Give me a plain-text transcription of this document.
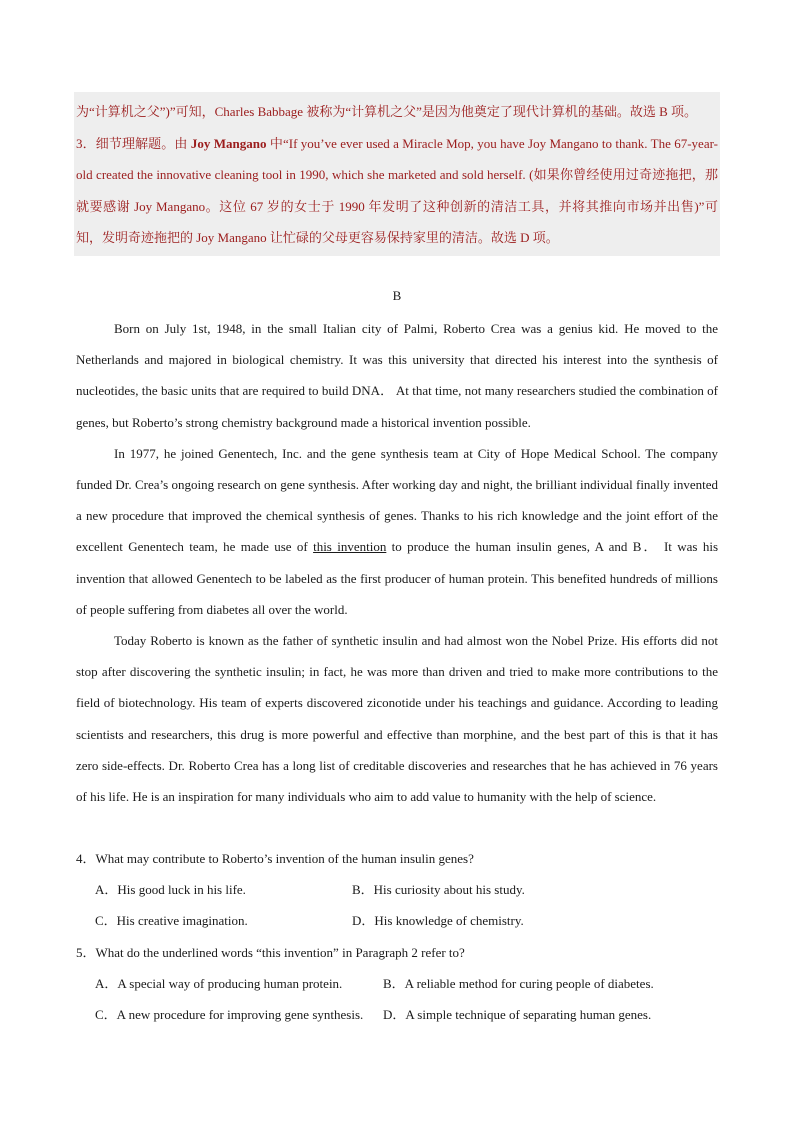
为“计算机之父”)”可知，Charles Babbage 被称为“计算机之父”是因为他奠定了现代计算机的基础。故选 B 项。

3．细节理解题。由 Joy Mangano 中“If you’ve ever used a Miracle Mop, you have Joy Mangano to thank. The 67-year-old created the innovative cleaning tool in 1990, which she marketed and sold herself. (如果你曾经使用过奇迹拖把，那就要感谢 Joy Mangano。这位 67 岁的女士于 1990 年发明了这种创新的清洁工具，并将其推向市场并出售)”可知，发明奇迹拖把的 Joy Mangano 让忙碌的父母更容易保持家里的清洁。故选 D 项。

B

Born on July 1st, 1948, in the small Italian city of Palmi, Roberto Crea was a genius kid. He moved to the Netherlands and majored in biological chemistry. It was this university that directed his interest into the synthesis of nucleotides, the basic units that are required to build DNA． At that time, not many researchers studied the combination of genes, but Roberto’s strong chemistry background made a historical invention possible.

In 1977, he joined Genentech, Inc. and the gene synthesis team at City of Hope Medical School. The company funded Dr. Crea’s ongoing research on gene synthesis. After working day and night, the brilliant individual finally invented a new procedure that improved the chemical synthesis of genes. Thanks to his rich knowledge and the joint effort of the excellent Genentech team, he made use of this invention to produce the human insulin genes, A and B． It was his invention that allowed Genentech to be labeled as the first producer of human protein. This benefited hundreds of millions of people suffering from diabetes all over the world.

Today Roberto is known as the father of synthetic insulin and had almost won the Nobel Prize. His efforts did not stop after discovering the synthetic insulin; in fact, he was more than driven and tried to make more contributions to the field of biotechnology. His team of experts discovered ziconotide under his teachings and guidance. According to leading scientists and researchers, this drug is more powerful and effective than morphine, and the best part of this is that it has zero side-effects. Dr. Roberto Crea has a long list of creditable discoveries and researches that he has achieved in 76 years of his life. He is an inspiration for many individuals who aim to add value to humanity with the help of science.

4．What may contribute to Roberto’s invention of the human insulin genes?

A．His good luck in his life.	B．His curiosity about his study.
C．His creative imagination.	D．His knowledge of chemistry.

5．What do the underlined words “this invention” in Paragraph 2 refer to?

A．A special way of producing human protein.	B．A reliable method for curing people of diabetes.
C．A new procedure for improving gene synthesis.	D．A simple technique of separating human genes.
